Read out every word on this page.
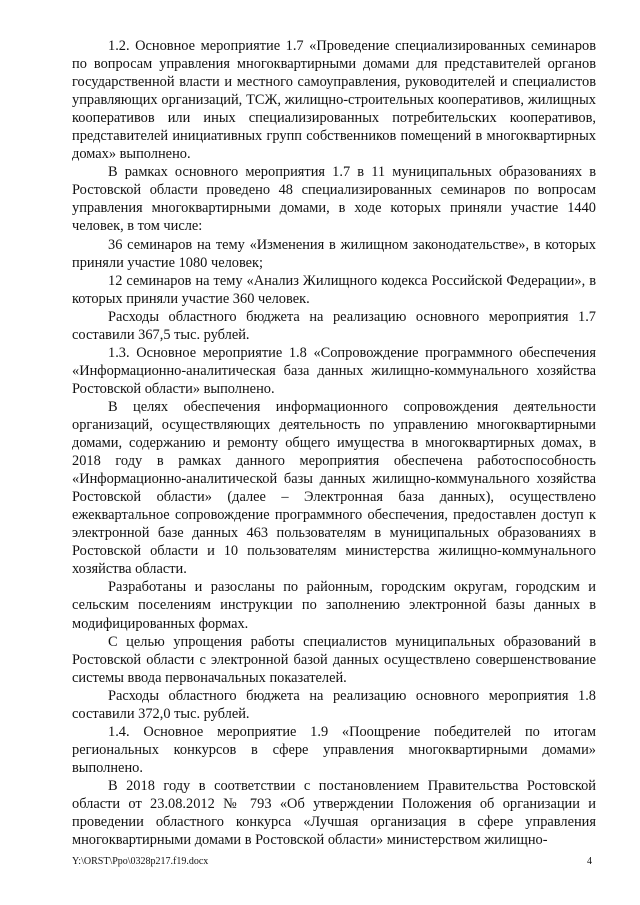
1.2. Основное мероприятие 1.7 «Проведение специализированных семинаров по вопросам управления многоквартирными домами для представителей органов государственной власти и местного самоуправления, руководителей и специалистов управляющих организаций, ТСЖ, жилищно-строительных кооперативов, жилищных кооперативов или иных специализированных потребительских кооперативов, представителей инициативных групп собственников помещений в многоквартирных домах» выполнено.

В рамках основного мероприятия 1.7 в 11 муниципальных образованиях в Ростовской области проведено 48 специализированных семинаров по вопросам управления многоквартирными домами, в ходе которых приняли участие 1440 человек, в том числе:

36 семинаров на тему «Изменения в жилищном законодательстве», в которых приняли участие 1080 человек;

12 семинаров на тему «Анализ Жилищного кодекса Российской Федерации», в которых приняли участие 360 человек.

Расходы областного бюджета на реализацию основного мероприятия 1.7 составили 367,5 тыс. рублей.

1.3. Основное мероприятие 1.8 «Сопровождение программного обеспечения «Информационно-аналитическая база данных жилищно-коммунального хозяйства Ростовской области» выполнено.

В целях обеспечения информационного сопровождения деятельности организаций, осуществляющих деятельность по управлению многоквартирными домами, содержанию и ремонту общего имущества в многоквартирных домах, в 2018 году в рамках данного мероприятия обеспечена работоспособность «Информационно-аналитической базы данных жилищно-коммунального хозяйства Ростовской области» (далее – Электронная база данных), осуществлено ежеквартальное сопровождение программного обеспечения, предоставлен доступ к электронной базе данных 463 пользователям в муниципальных образованиях в Ростовской области и 10 пользователям министерства жилищно-коммунального хозяйства области.

Разработаны и разосланы по районным, городским округам, городским и сельским поселениям инструкции по заполнению электронной базы данных в модифицированных формах.

С целью упрощения работы специалистов муниципальных образований в Ростовской области с электронной базой данных осуществлено совершенствование системы ввода первоначальных показателей.

Расходы областного бюджета на реализацию основного мероприятия 1.8 составили 372,0 тыс. рублей.

1.4. Основное мероприятие 1.9 «Поощрение победителей по итогам региональных конкурсов в сфере управления многоквартирными домами» выполнено.

В 2018 году в соответствии с постановлением Правительства Ростовской области от 23.08.2012 № 793 «Об утверждении Положения об организации и проведении областного конкурса «Лучшая организация в сфере управления многоквартирными домами в Ростовской области» министерством жилищно-

Y:\ORST\Ppo\0328p217.f19.docx	4
